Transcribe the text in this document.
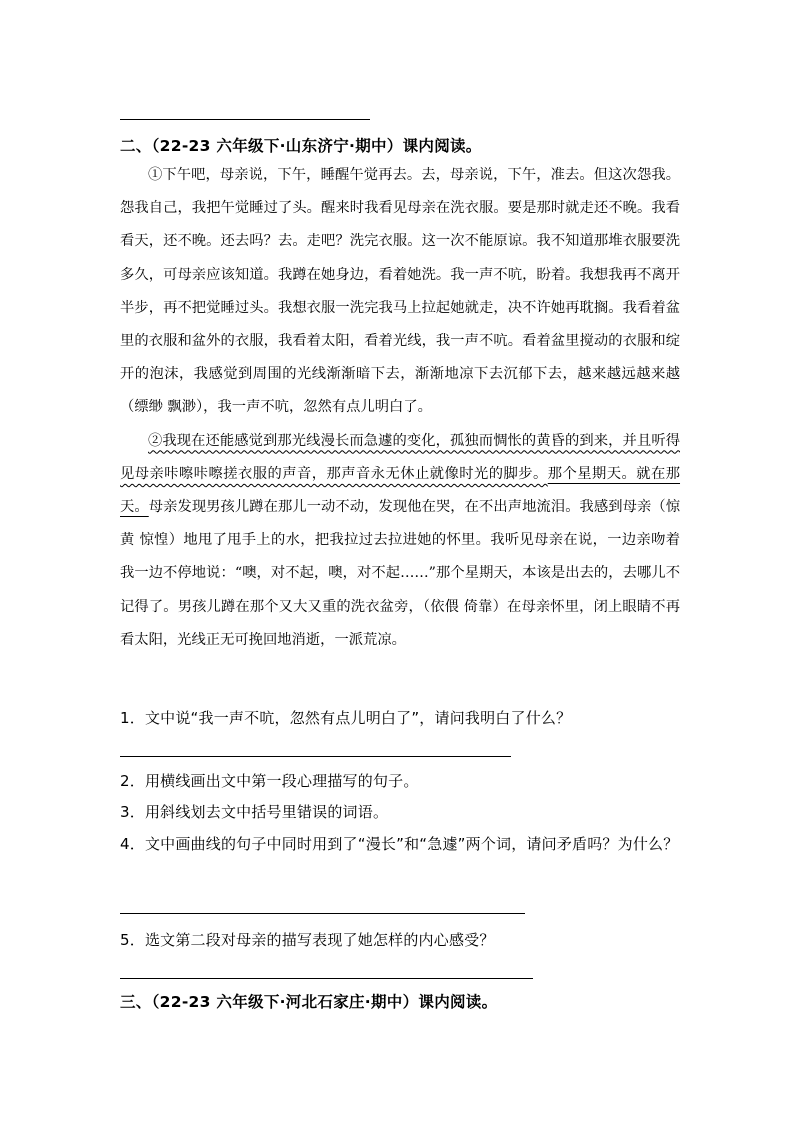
二、（22-23 六年级下·山东济宁·期中）课内阅读。

①下午吧，母亲说，下午，睡醒午觉再去。去，母亲说，下午，准去。但这次怨我。怨我自己，我把午觉睡过了头。醒来时我看见母亲在洗衣服。要是那时就走还不晚。我看看天，还不晚。还去吗？去。走吧？洗完衣服。这一次不能原谅。我不知道那堆衣服要洗多久，可母亲应该知道。我蹲在她身边，看着她洗。我一声不吭，盼着。我想我再不离开半步，再不把觉睡过头。我想衣服一洗完我马上拉起她就走，决不许她再耽搁。我看着盆里的衣服和盆外的衣服，我看着太阳，看着光线，我一声不吭。看着盆里搅动的衣服和绽开的泡沫，我感觉到周围的光线渐渐暗下去，渐渐地凉下去沉郁下去，越来越远越来越（缥缈 飘渺），我一声不吭，忽然有点儿明白了。

②我现在还能感觉到那光线漫长而急遽的变化，孤独而惆怅的黄昏的到来，并且听得见母亲咔嚓咔嚓搓衣服的声音，那声音永无休止就像时光的脚步。那个星期天。就在那天。母亲发现男孩儿蹲在那儿一动不动，发现他在哭，在不出声地流泪。我感到母亲（惊黄 惊惶）地甩了甩手上的水，把我拉过去拉进她的怀里。我听见母亲在说，一边亲吻着我一边不停地说：“噢，对不起，噢，对不起……”那个星期天，本该是出去的，去哪儿不记得了。男孩儿蹲在那个又大又重的洗衣盆旁，（依偎 倚靠）在母亲怀里，闭上眼睛不再看太阳，光线正无可挽回地消逝，一派荒凉。

1．文中说“我一声不吭，忽然有点儿明白了”，请问我明白了什么？
2．用横线画出文中第一段心理描写的句子。
3．用斜线划去文中括号里错误的词语。
4．文中画曲线的句子中同时用到了“漫长”和“急遽”两个词，请问矛盾吗？为什么？
5．选文第二段对母亲的描写表现了她怎样的内心感受？
三、（22-23 六年级下·河北石家庄·期中）课内阅读。
